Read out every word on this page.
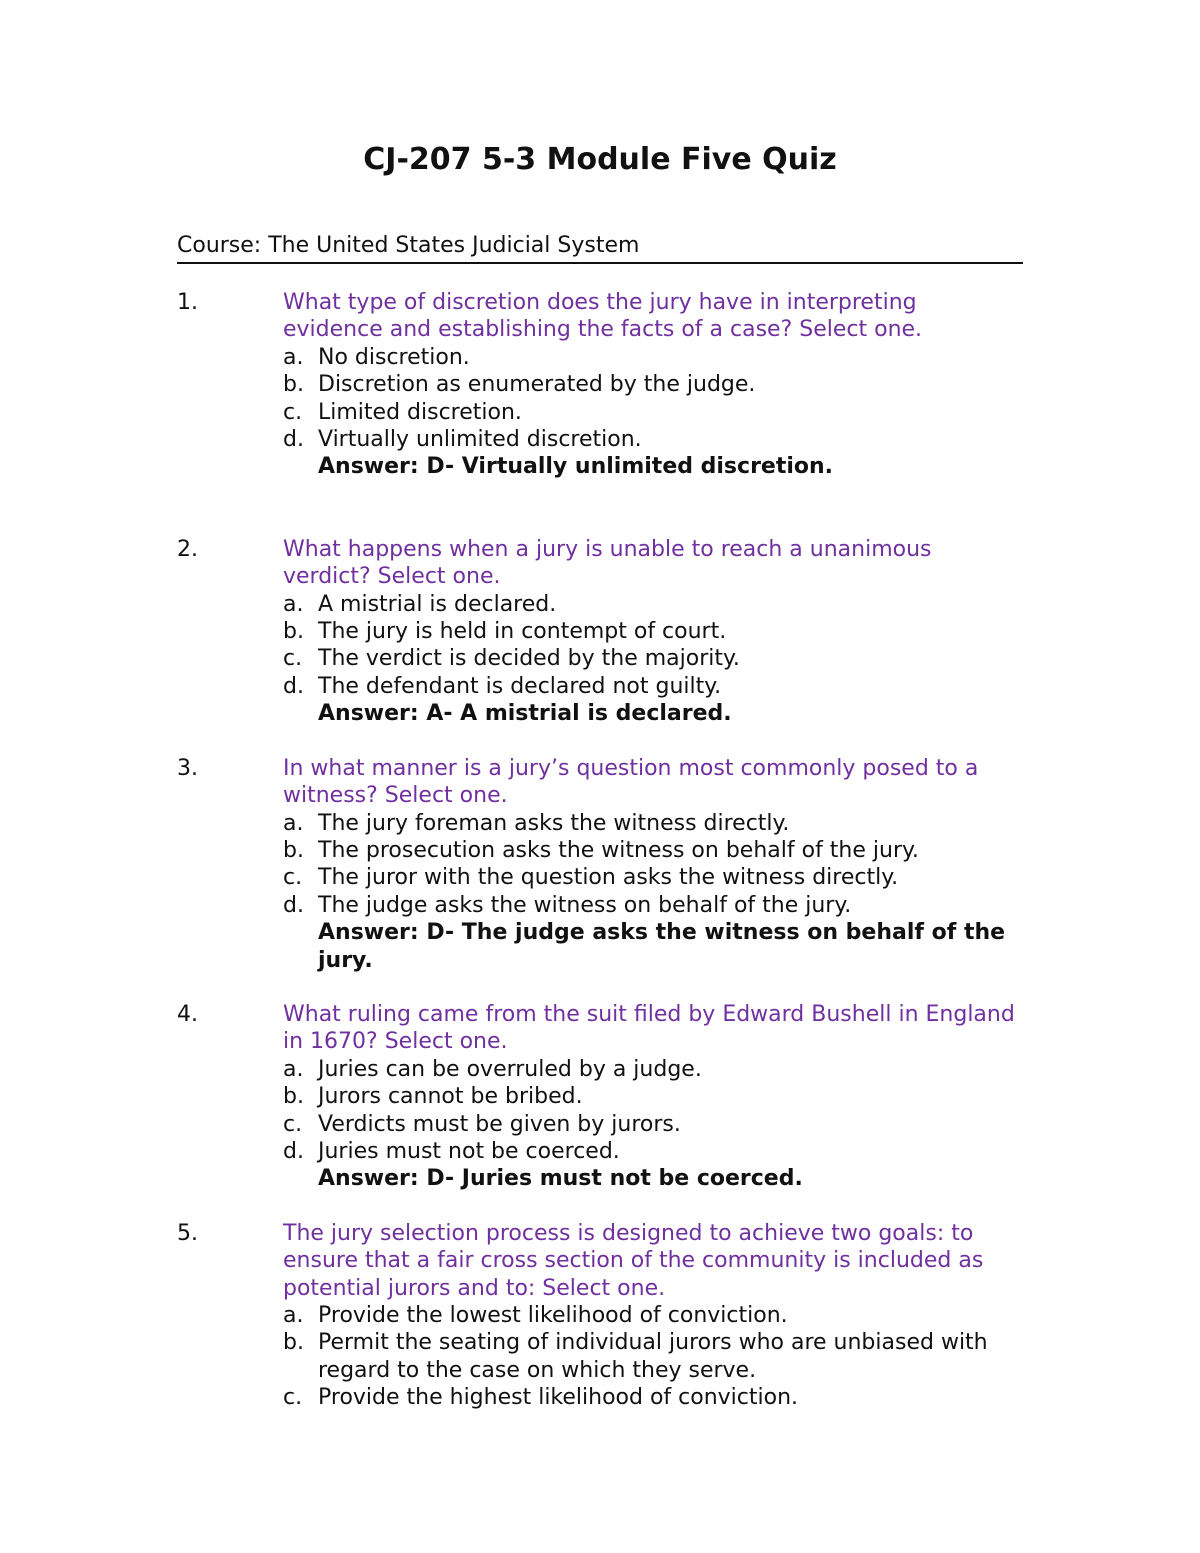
CJ-207 5-3 Module Five Quiz
Course: The United States Judicial System
1.	What type of discretion does the jury have in interpreting evidence and establishing the facts of a case? Select one.
a. No discretion.
b. Discretion as enumerated by the judge.
c. Limited discretion.
d. Virtually unlimited discretion.
Answer: D- Virtually unlimited discretion.
2.	What happens when a jury is unable to reach a unanimous verdict? Select one.
a. A mistrial is declared.
b. The jury is held in contempt of court.
c. The verdict is decided by the majority.
d. The defendant is declared not guilty.
Answer: A- A mistrial is declared.
3.	In what manner is a jury’s question most commonly posed to a witness? Select one.
a. The jury foreman asks the witness directly.
b. The prosecution asks the witness on behalf of the jury.
c. The juror with the question asks the witness directly.
d. The judge asks the witness on behalf of the jury.
Answer: D- The judge asks the witness on behalf of the jury.
4.	What ruling came from the suit filed by Edward Bushell in England in 1670? Select one.
a. Juries can be overruled by a judge.
b. Jurors cannot be bribed.
c. Verdicts must be given by jurors.
d. Juries must not be coerced.
Answer: D- Juries must not be coerced.
5.	The jury selection process is designed to achieve two goals: to ensure that a fair cross section of the community is included as potential jurors and to: Select one.
a. Provide the lowest likelihood of conviction.
b. Permit the seating of individual jurors who are unbiased with regard to the case on which they serve.
c. Provide the highest likelihood of conviction.
